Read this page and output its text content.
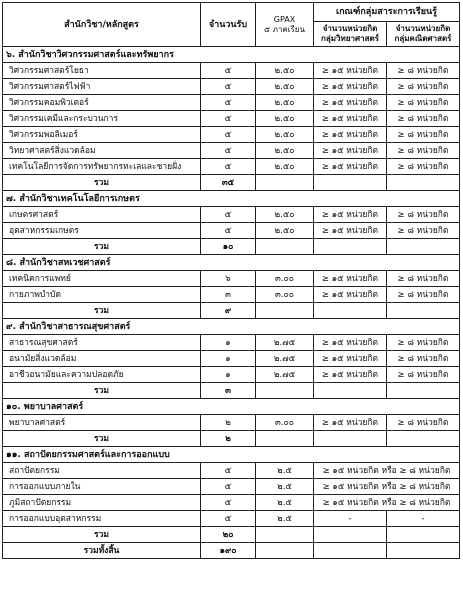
สำนักวิชา/หลักสูตร	จำนวนรับ	GPAX
๕ ภาคเรียน	เกณฑ์กลุ่มสาระการเรียนรู้	
			จำนวนหน่วยกิต กลุ่มวิทยาศาสตร์	จำนวนหน่วยกิต กลุ่มคณิตศาสตร์
๖. สำนักวิชาวิศวกรรมศาสตร์และทรัพยากร				
วิศวกรรมศาสตร์โยธา	๕	๒.๕๐	≥ ๑๕ หน่วยกิต	≥ ๘ หน่วยกิต
วิศวกรรมศาสตร์ไฟฟ้า	๕	๒.๕๐	≥ ๑๕ หน่วยกิต	≥ ๘ หน่วยกิต
วิศวกรรมคอมพิวเตอร์	๕	๒.๕๐	≥ ๑๕ หน่วยกิต	≥ ๘ หน่วยกิต
วิศวกรรมเคมีและกระบวนการ	๕	๒.๕๐	≥ ๑๕ หน่วยกิต	≥ ๘ หน่วยกิต
วิศวกรรมพอลิเมอร์	๕	๒.๕๐	≥ ๑๕ หน่วยกิต	≥ ๘ หน่วยกิต
วิทยาศาสตร์สิ่งแวดล้อม	๕	๒.๕๐	≥ ๑๕ หน่วยกิต	≥ ๘ หน่วยกิต
เทคโนโลยีการจัดการทรัพยากรทะเลและชายฝั่ง	๕	๒.๕๐	≥ ๑๕ หน่วยกิต	≥ ๘ หน่วยกิต
รวม	๓๕			
๗. สำนักวิชาเทคโนโลยีการเกษตร				
เกษตรศาสตร์	๕	๒.๕๐	≥ ๑๕ หน่วยกิต	≥ ๘ หน่วยกิต
อุตสาหกรรมเกษตร	๕	๒.๕๐	≥ ๑๕ หน่วยกิต	≥ ๘ หน่วยกิต
รวม	๑๐			
๘. สำนักวิชาสหเวชศาสตร์				
เทคนิคการแพทย์	๖	๓.๐๐	≥ ๑๕ หน่วยกิต	≥ ๘ หน่วยกิต
กายภาพบำบัด	๓	๓.๐๐	≥ ๑๕ หน่วยกิต	≥ ๘ หน่วยกิต
รวม	๙			
๙. สำนักวิชาสาธารณสุขศาสตร์				
สาธารณสุขศาสตร์	๑	๒.๗๕	≥ ๑๕ หน่วยกิต	≥ ๘ หน่วยกิต
อนามัยสิ่งแวดล้อม	๑	๒.๗๕	≥ ๑๕ หน่วยกิต	≥ ๘ หน่วยกิต
อาชีวอนามัยและความปลอดภัย	๑	๒.๗๕	≥ ๑๕ หน่วยกิต	≥ ๘ หน่วยกิต
รวม	๓			
๑๐. พยาบาลศาสตร์				
พยาบาลศาสตร์	๒	๓.๐๐	≥ ๑๕ หน่วยกิต	≥ ๘ หน่วยกิต
รวม	๒			
๑๑. สถาปัตยกรรมศาสตร์และการออกแบบ				
สถาปัตยกรรม	๕	๒.๕	≥ ๑๕ หน่วยกิต หรือ ≥ ๘ หน่วยกิต	
การออกแบบภายใน	๕	๒.๕	≥ ๑๕ หน่วยกิต หรือ ≥ ๘ หน่วยกิต	
ภูมิสถาปัตยกรรม	๕	๒.๕	≥ ๑๕ หน่วยกิต หรือ ≥ ๘ หน่วยกิต	
การออกแบบอุตสาหกรรม	๕	๒.๕	-	-
รวม	๒๐			
รวมทั้งสิ้น	๑๙๐			
